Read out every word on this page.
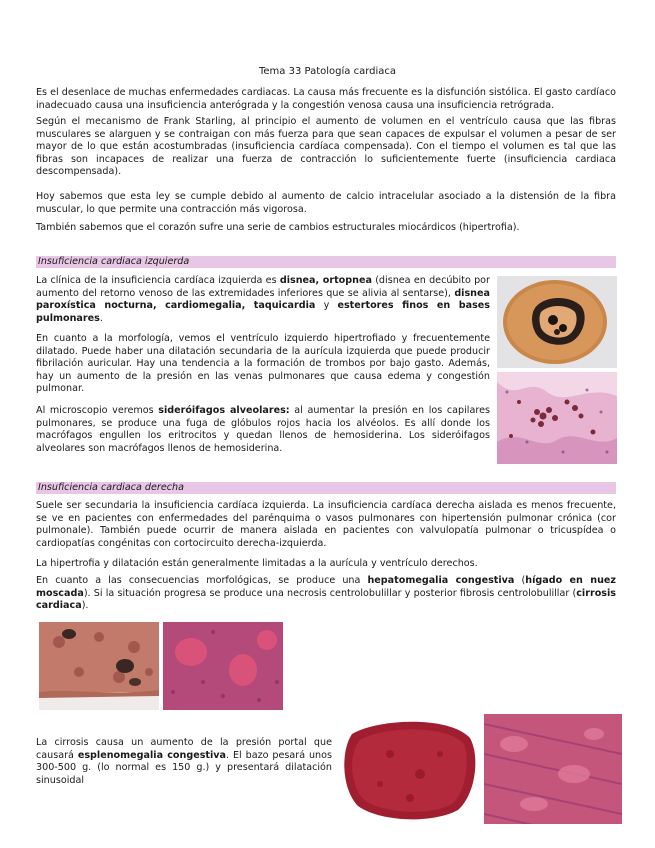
Tema 33 Patología cardiaca

Es el desenlace de muchas enfermedades cardiacas. La causa más frecuente es la disfunción sistólica. El gasto cardíaco inadecuado causa una insuficiencia anterógrada y la congestión venosa causa una insuficiencia retrógrada.

Según el mecanismo de Frank Starling, al principio el aumento de volumen en el ventrículo causa que las fibras musculares se alarguen y se contraigan con más fuerza para que sean capaces de expulsar el volumen a pesar de ser mayor de lo que están acostumbradas (insuficiencia cardíaca compensada). Con el tiempo el volumen es tal que las fibras son incapaces de realizar una fuerza de contracción lo suficientemente fuerte (insuficiencia cardiaca descompensada).

Hoy sabemos que esta ley se cumple debido al aumento de calcio intracelular asociado a la distensión de la fibra muscular, lo que permite una contracción más vigorosa.

También sabemos que el corazón sufre una serie de cambios estructurales miocárdicos (hipertrofia).

Insuficiencia cardiaca izquierda

La clínica de la insuficiencia cardíaca izquierda es disnea, ortopnea (disnea en decúbito por aumento del retorno venoso de las extremidades inferiores que se alivia al sentarse), disnea paroxística nocturna, cardiomegalia, taquicardia y estertores finos en bases pulmonares.

En cuanto a la morfología, vemos el ventrículo izquierdo hipertrofiado y frecuentemente dilatado. Puede haber una dilatación secundaria de la aurícula izquierda que puede producir fibrilación auricular. Hay una tendencia a la formación de trombos por bajo gasto. Además, hay un aumento de la presión en las venas pulmonares que causa edema y congestión pulmonar.

Al microscopio veremos sideróifagos alveolares: al aumentar la presión en los capilares pulmonares, se produce una fuga de glóbulos rojos hacia los alvéolos. Es allí donde los macrófagos engullen los eritrocitos y quedan llenos de hemosiderina. Los sideróifagos alveolares son macrófagos llenos de hemosiderina.

Insuficiencia cardiaca derecha

Suele ser secundaria la insuficiencia cardíaca izquierda. La insuficiencia cardíaca derecha aislada es menos frecuente, se ve en pacientes con enfermedades del parénquima o vasos pulmonares con hipertensión pulmonar crónica (cor pulmonale). También puede ocurrir de manera aislada en pacientes con valvulopatía pulmonar o tricuspídea o cardiopatías congénitas con cortocircuito derecha-izquierda.

La hipertrofia y dilatación están generalmente limitadas a la aurícula y ventrículo derechos.

En cuanto a las consecuencias morfológicas, se produce una hepatomegalia congestiva (hígado en nuez moscada). Si la situación progresa se produce una necrosis centrolobulillar y posterior fibrosis centrolobulillar (cirrosis cardiaca).

La cirrosis causa un aumento de la presión portal que causará esplenomegalia congestiva. El bazo pesará unos 300-500 g. (lo normal es 150 g.) y presentará dilatación sinusoidal
